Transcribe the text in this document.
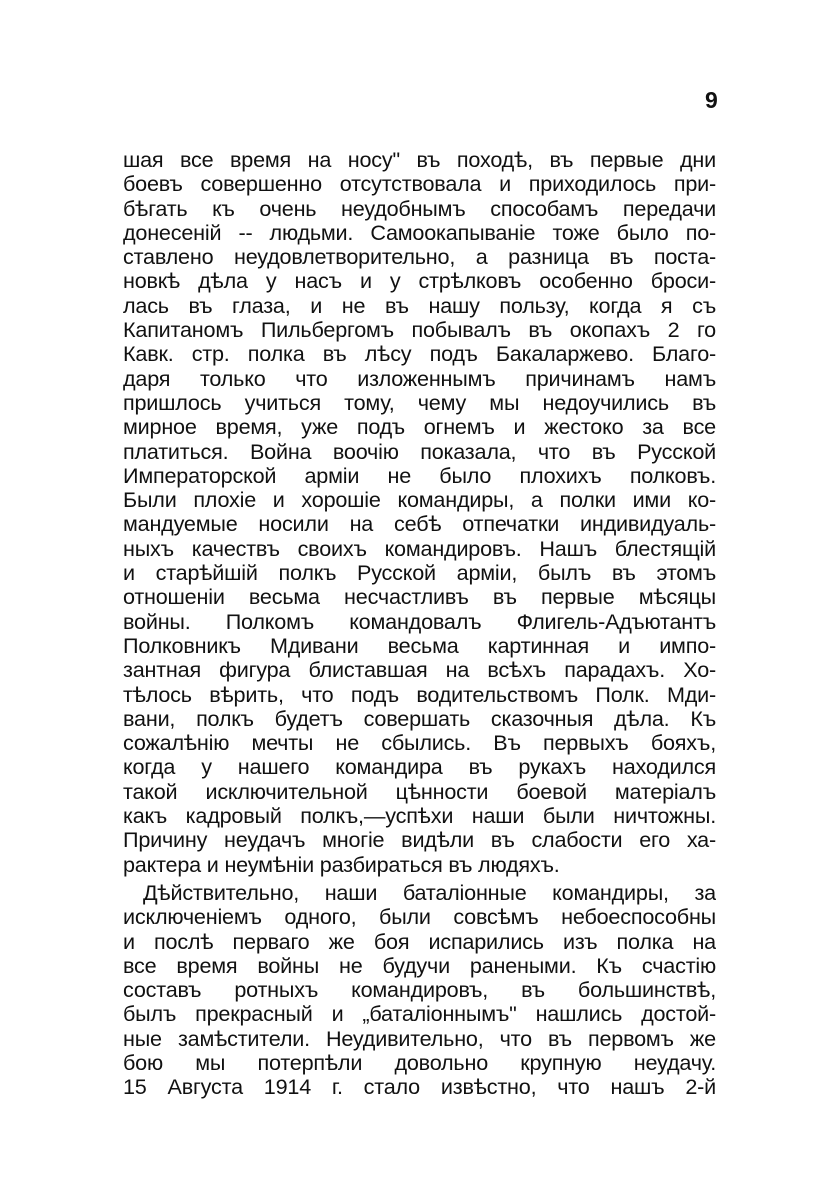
9
шая все время на носу" въ походѣ, въ первые дни
боевъ совершенно отсутствовала и приходилось при-
бѣгать къ очень неудобнымъ способамъ передачи
донесеній -- людьми. Самоокапываніе тоже было по-
ставлено неудовлетворительно, а разница въ поста-
новкѣ дѣла у насъ и у стрѣлковъ особенно броси-
лась въ глаза, и не въ нашу пользу, когда я съ
Капитаномъ Пильбергомъ побывалъ въ окопахъ 2 го
Кавк. стр. полка въ лѣсу подъ Бакаларжево. Благо-
даря только что изложеннымъ причинамъ намъ
пришлось учиться тому, чему мы недоучились въ
мирное время, уже подъ огнемъ и жестоко за все
платиться. Война воочію показала, что въ Русской
Императорской арміи не было плохихъ полковъ.
Были плохіе и хорошіе командиры, а полки ими ко-
мандуемые носили на себѣ отпечатки индивидуаль-
ныхъ качествъ своихъ командировъ. Нашъ блестящій
и старѣйшій полкъ Русской арміи, былъ въ этомъ
отношеніи весьма несчастливъ въ первые мѣсяцы
войны. Полкомъ командовалъ Флигель-Адъютантъ
Полковникъ Мдивани весьма картинная и импо-
зантная фигура блиставшая на всѣхъ парадахъ. Хо-
тѣлось вѣрить, что подъ водительствомъ Полк. Мди-
вани, полкъ будетъ совершать сказочныя дѣла. Къ
сожалѣнію мечты не сбылись. Въ первыхъ бояхъ,
когда у нашего командира въ рукахъ находился
такой исключительной цѣнности боевой матеріалъ
какъ кадровый полкъ,—успѣхи наши были ничтожны.
Причину неудачъ многіе видѣли въ слабости его ха-
рактера и неумѣніи разбираться въ людяхъ.
Дѣйствительно, наши баталіонные командиры, за
исключеніемъ одного, были совсѣмъ небоеспособны
и послѣ перваго же боя испарились изъ полка на
все время войны не будучи ранеными. Къ счастію
составъ ротныхъ командировъ, въ большинствѣ,
былъ прекрасный и „баталіоннымъ" нашлись достой-
ные замѣстители. Неудивительно, что въ первомъ же
бою мы потерпѣли довольно крупную неудачу.
15 Августа 1914 г. стало извѣстно, что нашъ 2-й
